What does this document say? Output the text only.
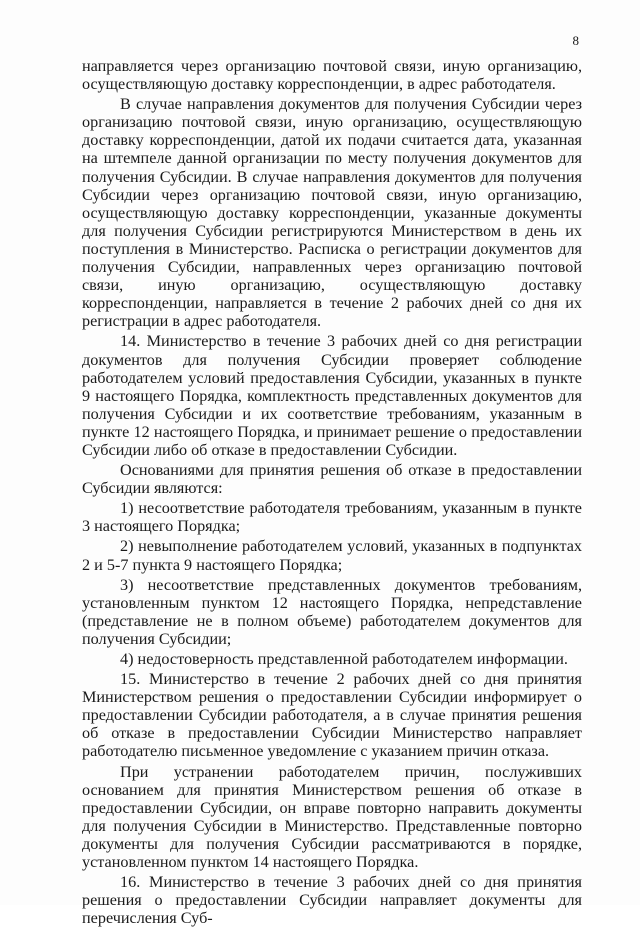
8

направляется через организацию почтовой связи, иную организацию, осуществляющую доставку корреспонденции, в адрес работодателя.

В случае направления документов для получения Субсидии через организацию почтовой связи, иную организацию, осуществляющую доставку корреспонденции, датой их подачи считается дата, указанная на штемпеле данной организации по месту получения документов для получения Субсидии. В случае направления документов для получения Субсидии через организацию почтовой связи, иную организацию, осуществляющую доставку корреспонденции, указанные документы для получения Субсидии регистрируются Министерством в день их поступления в Министерство. Расписка о регистрации документов для получения Субсидии, направленных через организацию почтовой связи, иную организацию, осуществляющую доставку корреспонденции, направляется в течение 2 рабочих дней со дня их регистрации в адрес работодателя.

14. Министерство в течение 3 рабочих дней со дня регистрации документов для получения Субсидии проверяет соблюдение работодателем условий предоставления Субсидии, указанных в пункте 9 настоящего Порядка, комплектность представленных документов для получения Субсидии и их соответствие требованиям, указанным в пункте 12 настоящего Порядка, и принимает решение о предоставлении Субсидии либо об отказе в предоставлении Субсидии.

Основаниями для принятия решения об отказе в предоставлении Субсидии являются:

1) несоответствие работодателя требованиям, указанным в пункте 3 настоящего Порядка;

2) невыполнение работодателем условий, указанных в подпунктах 2 и 5-7 пункта 9 настоящего Порядка;

3) несоответствие представленных документов требованиям, установленным пунктом 12 настоящего Порядка, непредставление (представление не в полном объеме) работодателем документов для получения Субсидии;

4) недостоверность представленной работодателем информации.

15. Министерство в течение 2 рабочих дней со дня принятия Министерством решения о предоставлении Субсидии информирует о предоставлении Субсидии работодателя, а в случае принятия решения об отказе в предоставлении Субсидии Министерство направляет работодателю письменное уведомление с указанием причин отказа.

При устранении работодателем причин, послуживших основанием для принятия Министерством решения об отказе в предоставлении Субсидии, он вправе повторно направить документы для получения Субсидии в Министерство. Представленные повторно документы для получения Субсидии рассматриваются в порядке, установленном пунктом 14 настоящего Порядка.

16. Министерство в течение 3 рабочих дней со дня принятия решения о предоставлении Субсидии направляет документы для перечисления Суб-
